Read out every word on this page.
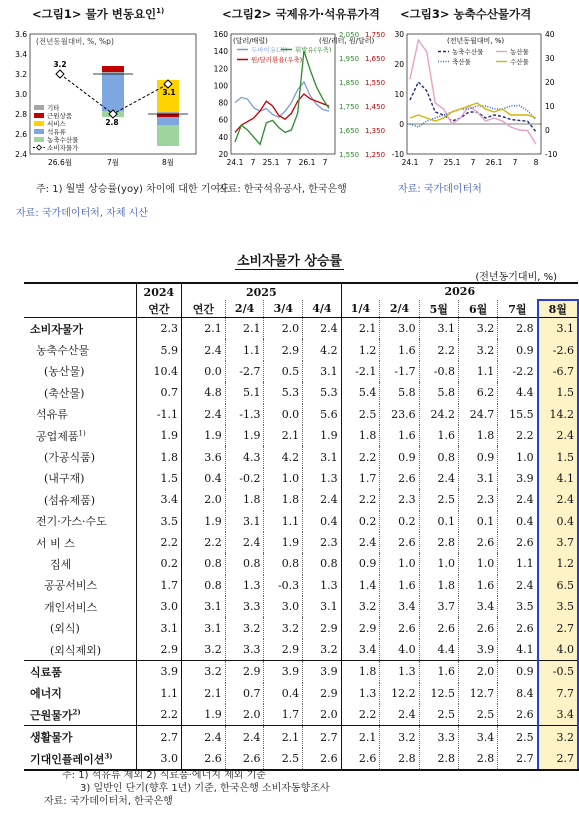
<그림1> 물가 변동요인$^{1)}$	<그림2> 국제유가·석유류가격 <그림3> 농축수산물가격
(전년동월대비, %, %p)
2.4
2.6
2.8
3.0
3.2
3.4
3.6
26.6월	7월	8월
3.2
2.8
3.1
기타
근원상품
서비스
석유류
농축수산물
소비자물가
20
40
60
80
100
120
140
160
1,550
1,650
1,750
1,850
1,950
2,050
1,250
1,350
1,450
1,550
1,650
1,750
(달러/배럴)	(원/리터, 원/달러)
24.1 7 25.1 7 26.1 7
두바이유(좌) 휘발유(우축)
원/달러환율(우축)
-10
0
10
20
30
-10
0
10
20
30
40
(전년동월대비, %)
24.1 7 25.1 7 26.1 7 8
농축수산물	농산물
축산물	수산물
주: 1) 월별 상승률(yoy) 차이에 대한 기여도
자료: 국가데이터처, 자체 시산
자료: 한국석유공사, 한국은행	자료: 국가데이터처
소비자물가 상승률
(전년동기대비, %)
	2024	2025				2026					
	연간	연간	2/4	3/4	4/4	1/4	2/4	5월	6월	7월	8월
소비자물가	2.3	2.1	2.1	2.0	2.4	2.1	3.0	3.1	3.2	2.8	3.1
농축수산물	5.9	2.4	1.1	2.9	4.2	1.2	1.6	2.2	3.2	0.9	-2.6
(농산물)	10.4	0.0	-2.7	0.5	3.1	-2.1	-1.7	-0.8	1.1	-2.2	-6.7
(축산물)	0.7	4.8	5.1	5.3	5.3	5.4	5.8	5.8	6.2	4.4	1.5
석유류	-1.1	2.4	-1.3	0.0	5.6	2.5	23.6	24.2	24.7	15.5	14.2
공업제품$^{1)}$	1.9	1.9	1.9	2.1	1.9	1.8	1.6	1.6	1.8	2.2	2.4
(가공식품)	1.8	3.6	4.3	4.2	3.1	2.2	0.9	0.8	0.9	1.0	1.5
(내구재)	1.5	0.4	-0.2	1.0	1.3	1.7	2.6	2.4	3.1	3.9	4.1
(섬유제품)	3.4	2.0	1.8	1.8	2.4	2.2	2.3	2.5	2.3	2.4	2.4
전기·가스·수도	3.5	1.9	3.1	1.1	0.4	0.2	0.2	0.1	0.1	0.4	0.4
서 비 스	2.2	2.2	2.4	1.9	2.3	2.4	2.6	2.8	2.6	2.6	3.7
집세	0.2	0.8	0.8	0.8	0.8	0.9	1.0	1.0	1.0	1.1	1.2
공공서비스	1.7	0.8	1.3	-0.3	1.3	1.4	1.6	1.8	1.6	2.4	6.5
개인서비스	3.0	3.1	3.3	3.0	3.1	3.2	3.4	3.7	3.4	3.5	3.5
(외식)	3.1	3.1	3.2	3.2	2.9	2.9	2.6	2.6	2.6	2.6	2.7
(외식제외)	2.9	3.2	3.3	2.9	3.2	3.4	4.0	4.4	3.9	4.1	4.0
식료품	3.9	3.2	2.9	3.9	3.9	1.8	1.3	1.6	2.0	0.9	-0.5
에너지	1.1	2.1	0.7	0.4	2.9	1.3	12.2	12.5	12.7	8.4	7.7
근원물가$^{2)}$	2.2	1.9	2.0	1.7	2.0	2.2	2.4	2.5	2.5	2.6	3.4
생활물가	2.7	2.4	2.4	2.1	2.7	2.1	3.2	3.3	3.4	2.5	3.2
기대인플레이션$^{3)}$	3.0	2.6	2.6	2.5	2.6	2.6	2.8	2.8	2.8	2.7	2.7
주: 1) 석유류 제외 2) 식료품·에너지 제외 기준
3) 일반인 단기(향후 1년) 기준, 한국은행 소비자동향조사
자료: 국가데이터처, 한국은행
